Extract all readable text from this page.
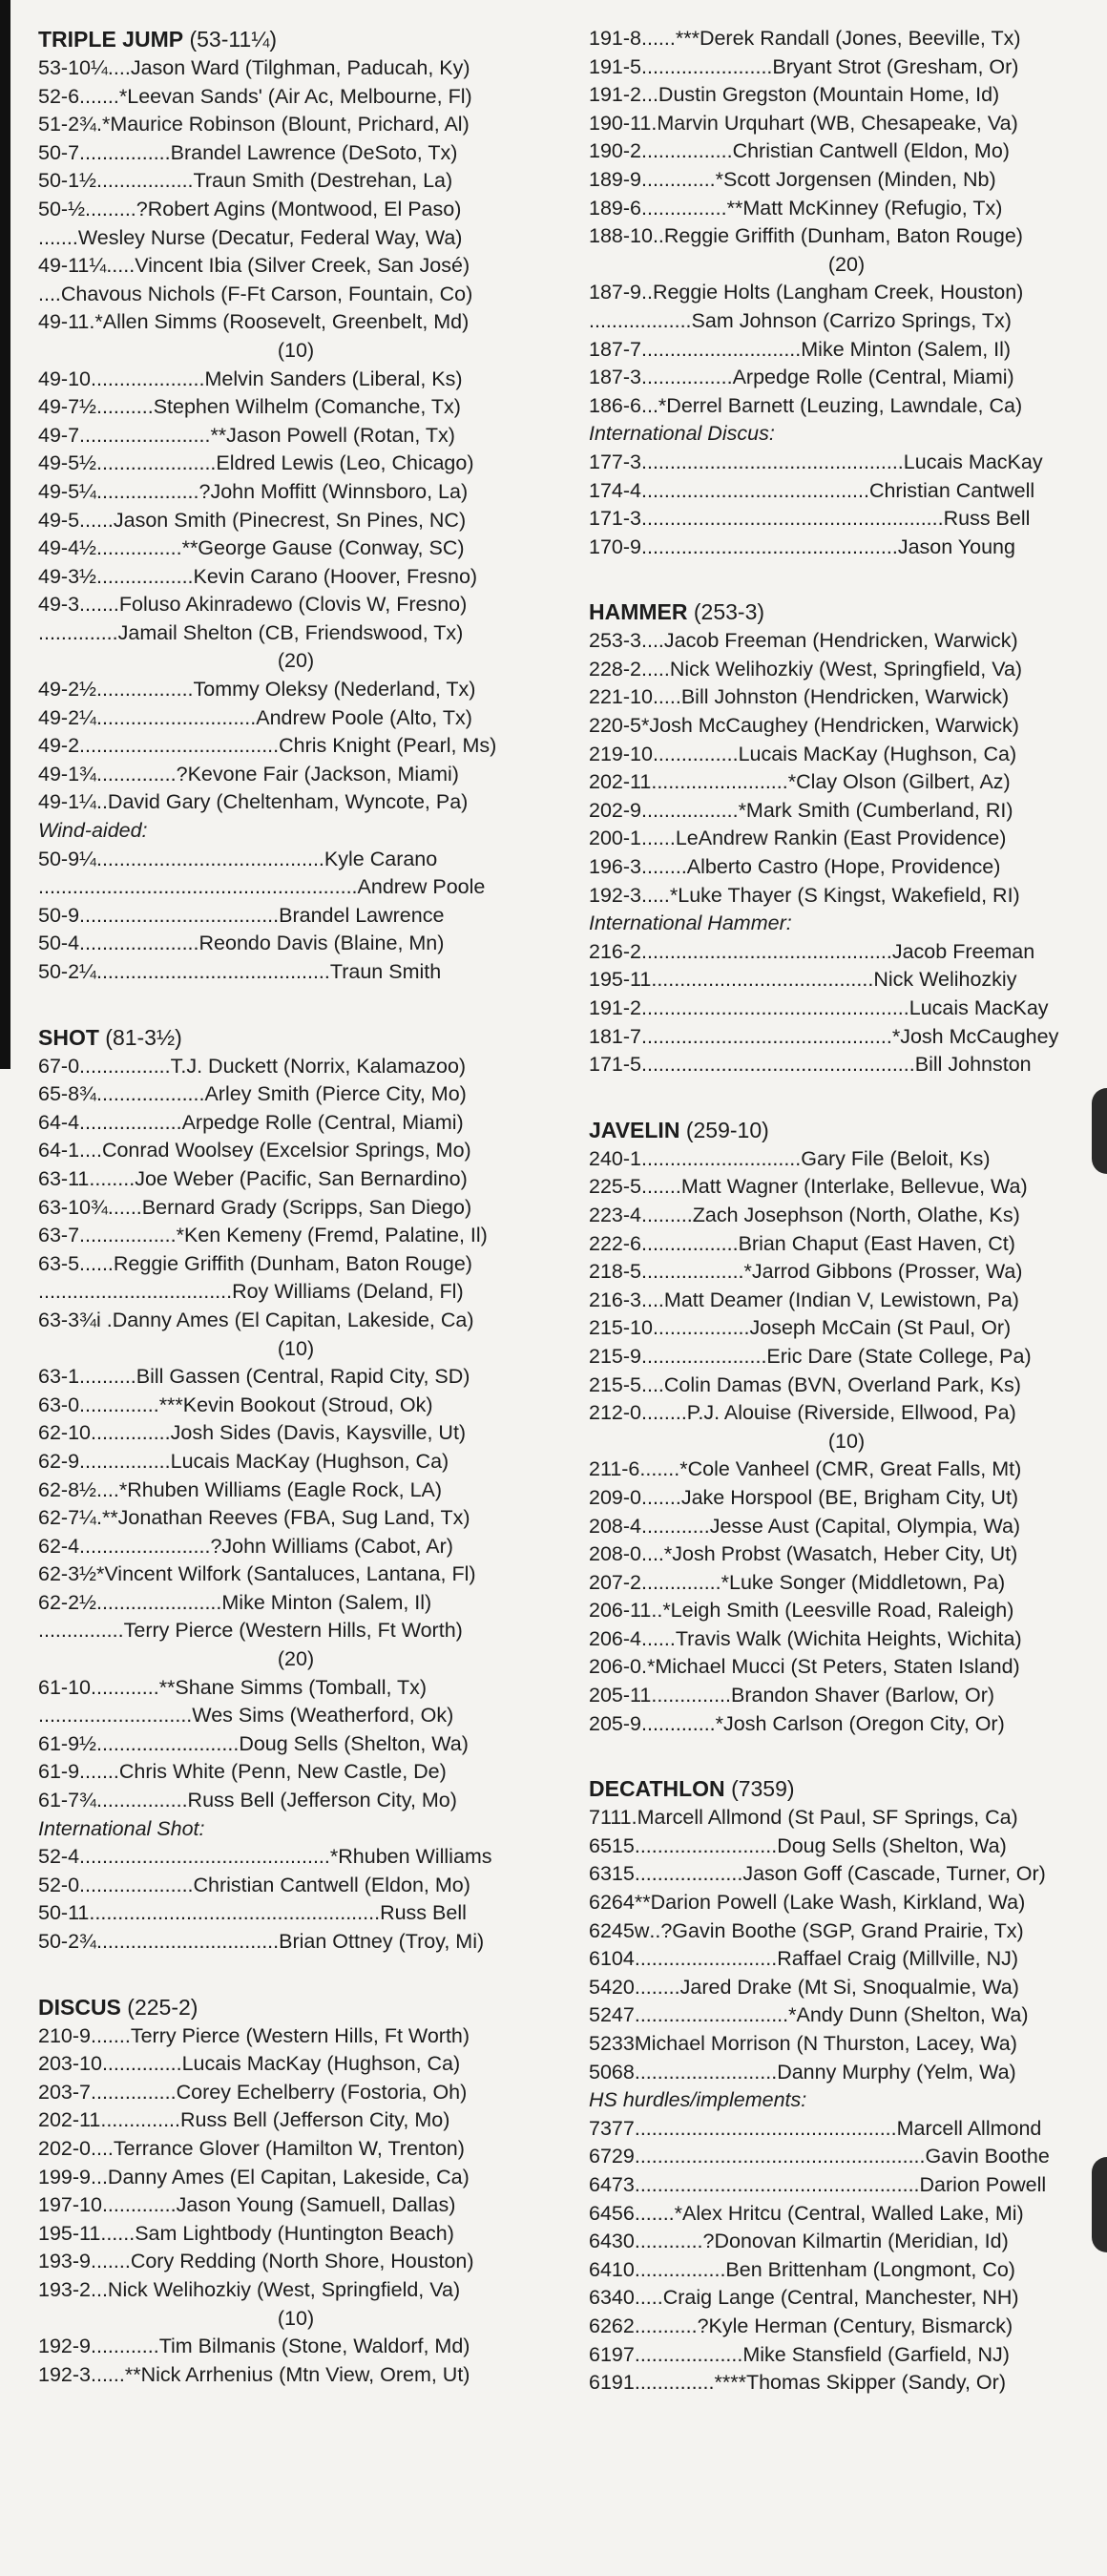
TRIPLE JUMP (53-11¼)
53-10¼....Jason Ward (Tilghman, Paducah, Ky)
52-6.......*Leevan Sands' (Air Ac, Melbourne, Fl)
51-2¾.*Maurice Robinson (Blount, Prichard, Al)
50-7................Brandel Lawrence (DeSoto, Tx)
50-1½.................Traun Smith (Destrehan, La)
50-½.........?Robert Agins (Montwood, El Paso)
.......Wesley Nurse (Decatur, Federal Way, Wa)
49-11¼.....Vincent Ibia (Silver Creek, San José)
....Chavous Nichols (F-Ft Carson, Fountain, Co)
49-11.*Allen Simms (Roosevelt, Greenbelt, Md)
(10)
49-10....................Melvin Sanders (Liberal, Ks)
49-7½..........Stephen Wilhelm (Comanche, Tx)
49-7.......................**Jason Powell (Rotan, Tx)
49-5½.....................Eldred Lewis (Leo, Chicago)
49-5¼..................?John Moffitt (Winnsboro, La)
49-5......Jason Smith (Pinecrest, Sn Pines, NC)
49-4½...............**George Gause (Conway, SC)
49-3½.................Kevin Carano (Hoover, Fresno)
49-3.......Foluso Akinradewo (Clovis W, Fresno)
..............Jamail Shelton (CB, Friendswood, Tx)
(20)
49-2½.................Tommy Oleksy (Nederland, Tx)
49-2¼............................Andrew Poole (Alto, Tx)
49-2...................................Chris Knight (Pearl, Ms)
49-1¾..............?Kevone Fair (Jackson, Miami)
49-1¼..David Gary (Cheltenham, Wyncote, Pa)
Wind-aided:
50-9¼........................................Kyle Carano
........................................................Andrew Poole
50-9...................................Brandel Lawrence
50-4.....................Reondo Davis (Blaine, Mn)
50-2¼.........................................Traun Smith
SHOT (81-3½)
67-0................T.J. Duckett (Norrix, Kalamazoo)
65-8¾...................Arley Smith (Pierce City, Mo)
64-4..................Arpedge Rolle (Central, Miami)
64-1....Conrad Woolsey (Excelsior Springs, Mo)
63-11........Joe Weber (Pacific, San Bernardino)
63-10¾......Bernard Grady (Scripps, San Diego)
63-7.................*Ken Kemeny (Fremd, Palatine, Il)
63-5......Reggie Griffith (Dunham, Baton Rouge)
..................................Roy Williams (Deland, Fl)
63-3¾i .Danny Ames (El Capitan, Lakeside, Ca)
(10)
63-1..........Bill Gassen (Central, Rapid City, SD)
63-0..............***Kevin Bookout (Stroud, Ok)
62-10..............Josh Sides (Davis, Kaysville, Ut)
62-9................Lucais MacKay (Hughson, Ca)
62-8½....*Rhuben Williams (Eagle Rock, LA)
62-7¼.**Jonathan Reeves (FBA, Sug Land, Tx)
62-4.......................?John Williams (Cabot, Ar)
62-3½*Vincent Wilfork (Santaluces, Lantana, Fl)
62-2½......................Mike Minton (Salem, Il)
...............Terry Pierce (Western Hills, Ft Worth)
(20)
61-10............**Shane Simms (Tomball, Tx)
...........................Wes Sims (Weatherford, Ok)
61-9½.........................Doug Sells (Shelton, Wa)
61-9.......Chris White (Penn, New Castle, De)
61-7¾................Russ Bell (Jefferson City, Mo)
International Shot:
52-4............................................*Rhuben Williams
52-0....................Christian Cantwell (Eldon, Mo)
50-11...................................................Russ Bell
50-2¾................................Brian Ottney (Troy, Mi)
DISCUS (225-2)
210-9.......Terry Pierce (Western Hills, Ft Worth)
203-10..............Lucais MacKay (Hughson, Ca)
203-7...............Corey Echelberry (Fostoria, Oh)
202-11..............Russ Bell (Jefferson City, Mo)
202-0....Terrance Glover (Hamilton W, Trenton)
199-9...Danny Ames (El Capitan, Lakeside, Ca)
197-10.............Jason Young (Samuell, Dallas)
195-11......Sam Lightbody (Huntington Beach)
193-9.......Cory Redding (North Shore, Houston)
193-2...Nick Welihozkiy (West, Springfield, Va)
(10)
192-9............Tim Bilmanis (Stone, Waldorf, Md)
192-3......**Nick Arrhenius (Mtn View, Orem, Ut)
191-8......***Derek Randall (Jones, Beeville, Tx)
191-5.......................Bryant Strot (Gresham, Or)
191-2...Dustin Gregston (Mountain Home, Id)
190-11.Marvin Urquhart (WB, Chesapeake, Va)
190-2................Christian Cantwell (Eldon, Mo)
189-9.............*Scott Jorgensen (Minden, Nb)
189-6...............**Matt McKinney (Refugio, Tx)
188-10..Reggie Griffith (Dunham, Baton Rouge)
(20)
187-9..Reggie Holts (Langham Creek, Houston)
..................Sam Johnson (Carrizo Springs, Tx)
187-7............................Mike Minton (Salem, Il)
187-3................Arpedge Rolle (Central, Miami)
186-6...*Derrel Barnett (Leuzing, Lawndale, Ca)
International Discus:
177-3..............................................Lucais MacKay
174-4........................................Christian Cantwell
171-3.....................................................Russ Bell
170-9.............................................Jason Young
HAMMER (253-3)
253-3....Jacob Freeman (Hendricken, Warwick)
228-2.....Nick Welihozkiy (West, Springfield, Va)
221-10.....Bill Johnston (Hendricken, Warwick)
220-5*Josh McCaughey (Hendricken, Warwick)
219-10...............Lucais MacKay (Hughson, Ca)
202-11........................*Clay Olson (Gilbert, Az)
202-9.................*Mark Smith (Cumberland, RI)
200-1......LeAndrew Rankin (East Providence)
196-3........Alberto Castro (Hope, Providence)
192-3.....*Luke Thayer (S Kingst, Wakefield, RI)
International Hammer:
216-2............................................Jacob Freeman
195-11.......................................Nick Welihozkiy
191-2...............................................Lucais MacKay
181-7............................................*Josh McCaughey
171-5................................................Bill Johnston
JAVELIN (259-10)
240-1............................Gary File (Beloit, Ks)
225-5.......Matt Wagner (Interlake, Bellevue, Wa)
223-4.........Zach Josephson (North, Olathe, Ks)
222-6.................Brian Chaput (East Haven, Ct)
218-5..................*Jarrod Gibbons (Prosser, Wa)
216-3....Matt Deamer (Indian V, Lewistown, Pa)
215-10.................Joseph McCain (St Paul, Or)
215-9......................Eric Dare (State College, Pa)
215-5....Colin Damas (BVN, Overland Park, Ks)
212-0........P.J. Alouise (Riverside, Ellwood, Pa)
(10)
211-6.......*Cole Vanheel (CMR, Great Falls, Mt)
209-0.......Jake Horspool (BE, Brigham City, Ut)
208-4............Jesse Aust (Capital, Olympia, Wa)
208-0....*Josh Probst (Wasatch, Heber City, Ut)
207-2..............*Luke Songer (Middletown, Pa)
206-11..*Leigh Smith (Leesville Road, Raleigh)
206-4......Travis Walk (Wichita Heights, Wichita)
206-0.*Michael Mucci (St Peters, Staten Island)
205-11..............Brandon Shaver (Barlow, Or)
205-9.............*Josh Carlson (Oregon City, Or)
DECATHLON (7359)
7111.Marcell Allmond (St Paul, SF Springs, Ca)
6515.........................Doug Sells (Shelton, Wa)
6315...................Jason Goff (Cascade, Turner, Or)
6264**Darion Powell (Lake Wash, Kirkland, Wa)
6245w..?Gavin Boothe (SGP, Grand Prairie, Tx)
6104.........................Raffael Craig (Millville, NJ)
5420........Jared Drake (Mt Si, Snoqualmie, Wa)
5247...........................*Andy Dunn (Shelton, Wa)
5233Michael Morrison (N Thurston, Lacey, Wa)
5068.........................Danny Murphy (Yelm, Wa)
HS hurdles/implements:
7377..............................................Marcell Allmond
6729...................................................Gavin Boothe
6473..................................................Darion Powell
6456.......*Alex Hritcu (Central, Walled Lake, Mi)
6430............?Donovan Kilmartin (Meridian, Id)
6410................Ben Brittenham (Longmont, Co)
6340.....Craig Lange (Central, Manchester, NH)
6262...........?Kyle Herman (Century, Bismarck)
6197...................Mike Stansfield (Garfield, NJ)
6191..............****Thomas Skipper (Sandy, Or)
